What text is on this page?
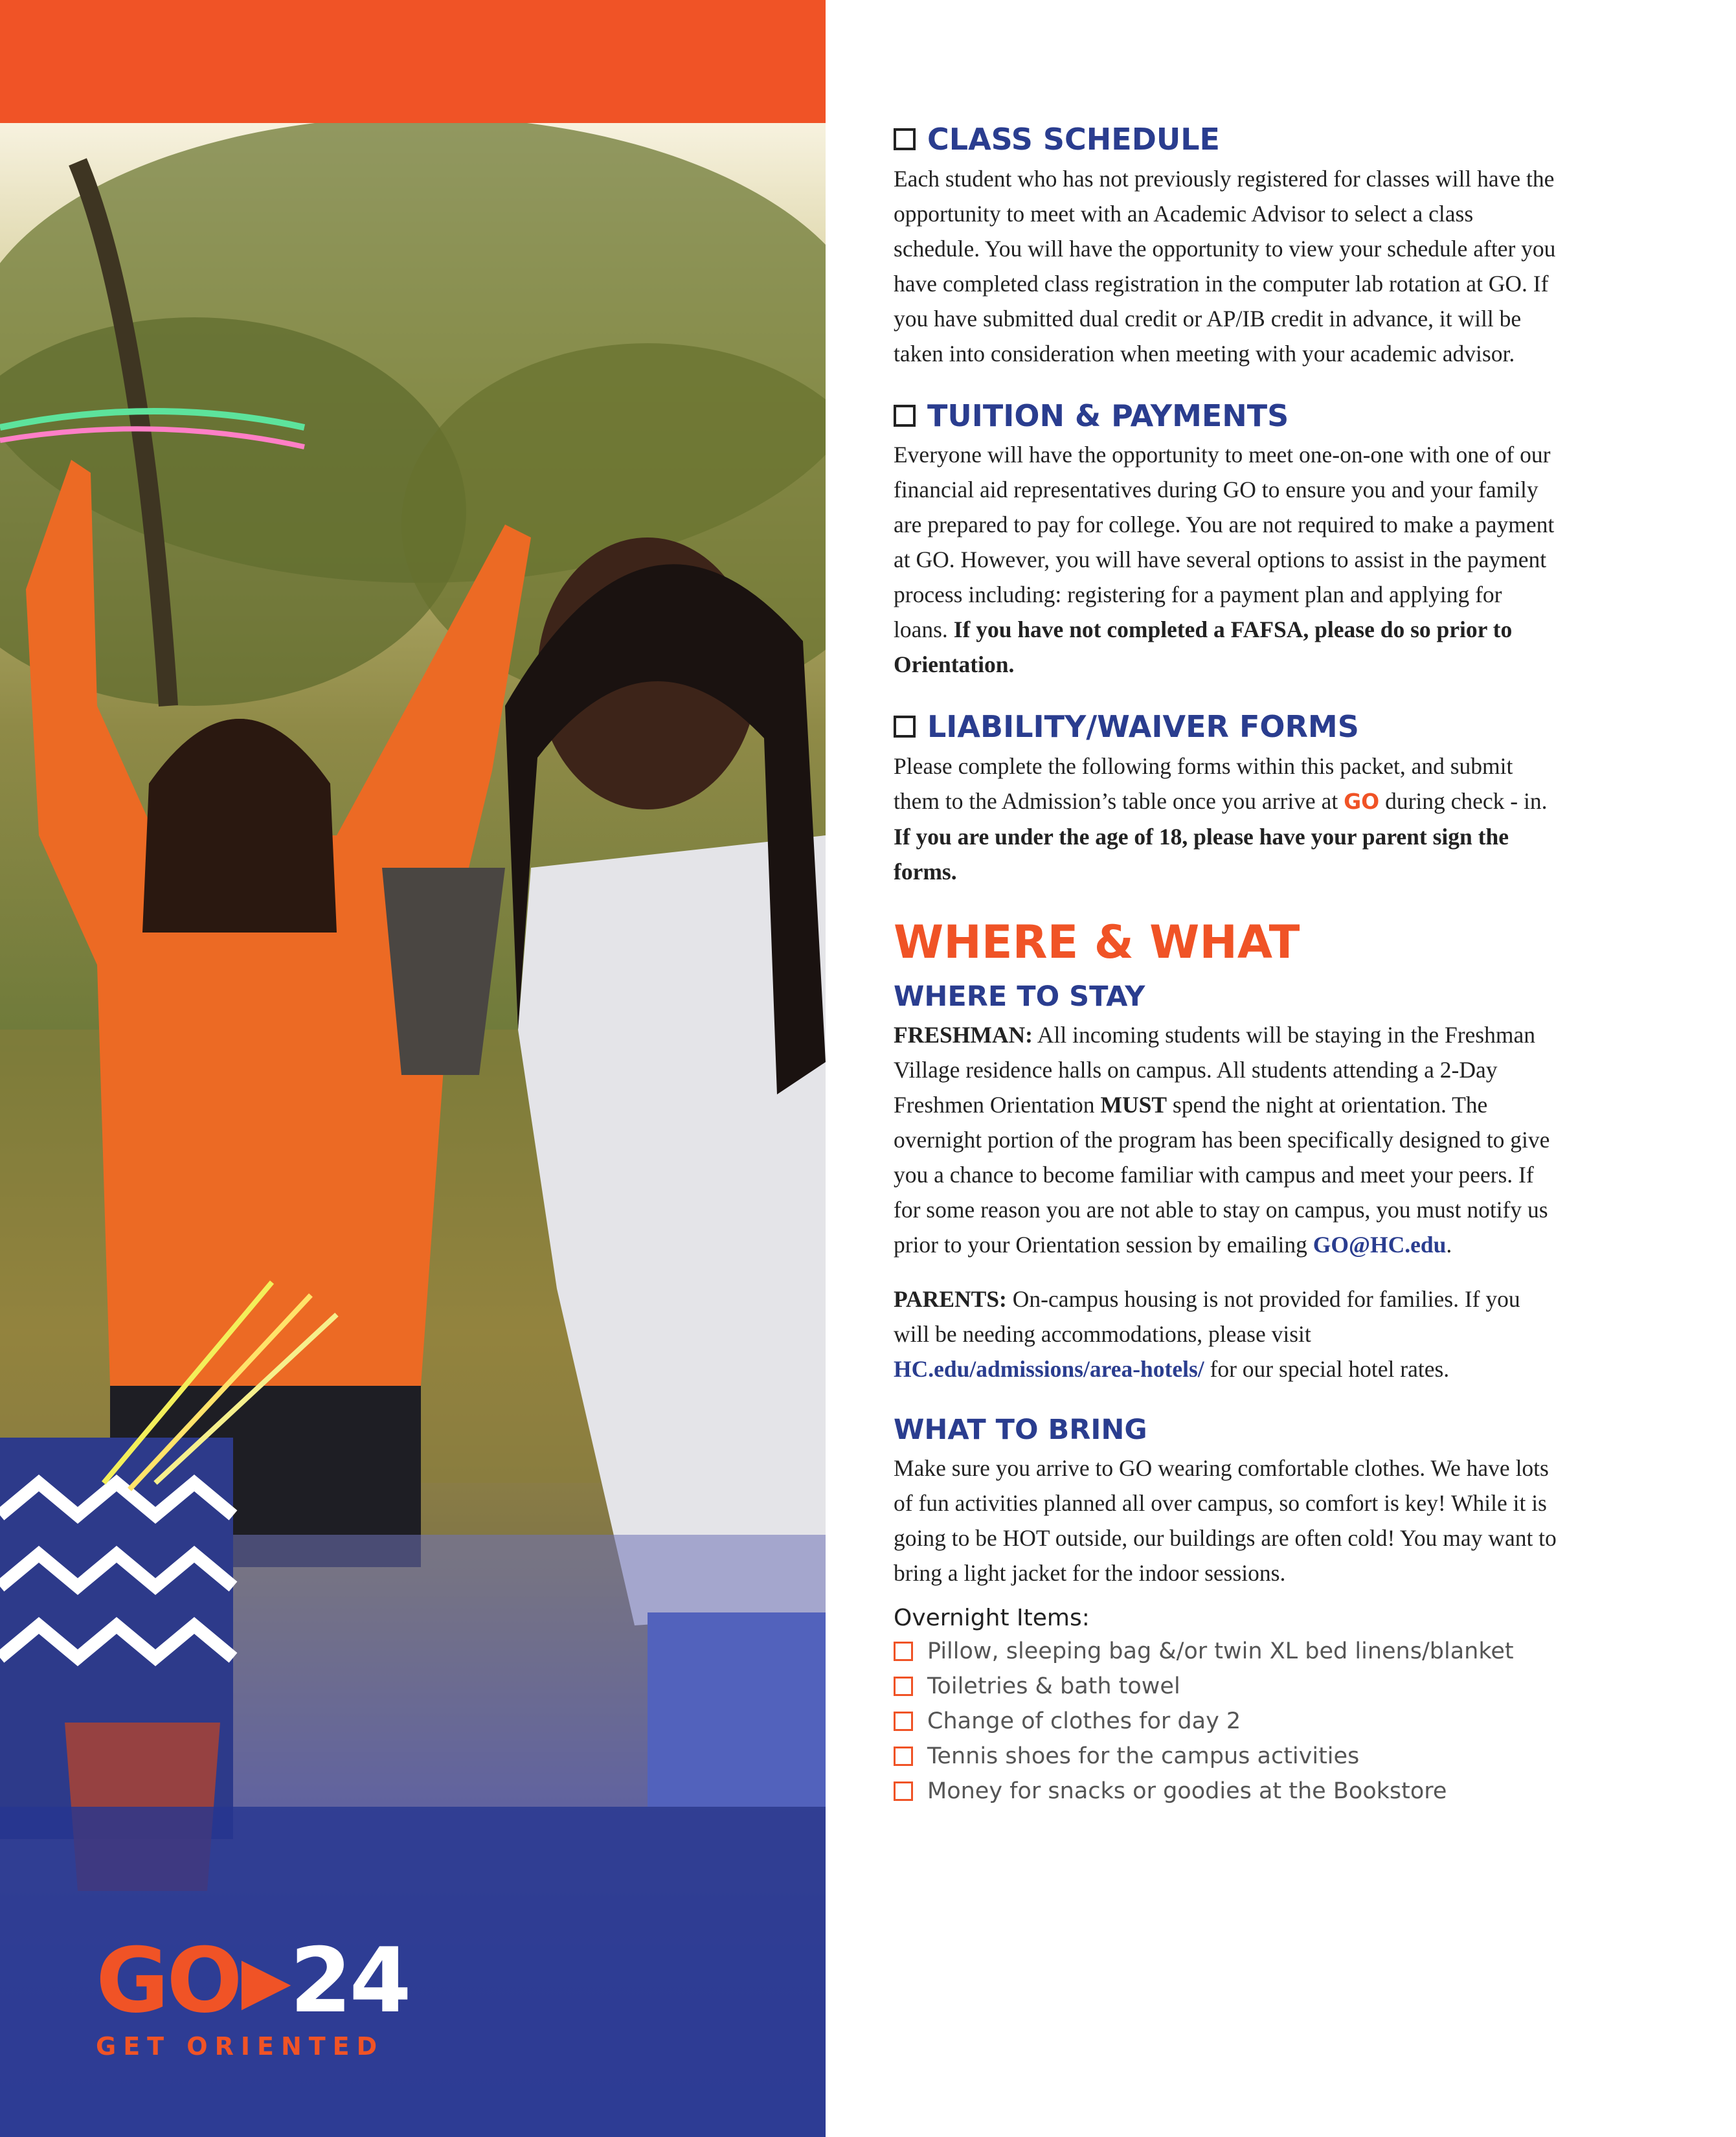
GO▶24
GET ORIENTED
CLASS SCHEDULE
Each student who has not previously registered for classes will have the opportunity to meet with an Academic Advisor to select a class schedule. You will have the opportunity to view your schedule after you have completed class registration in the computer lab rotation at GO. If you have submitted dual credit or AP/IB credit in advance, it will be taken into consideration when meeting with your academic advisor.
TUITION & PAYMENTS
Everyone will have the opportunity to meet one-on-one with one of our financial aid representatives during GO to ensure you and your family are prepared to pay for college. You are not required to make a payment at GO. However, you will have several options to assist in the payment process including: registering for a payment plan and applying for loans. If you have not completed a FAFSA, please do so prior to Orientation.
LIABILITY/WAIVER FORMS
Please complete the following forms within this packet, and submit them to the Admission’s table once you arrive at GO during check - in. If you are under the age of 18, please have your parent sign the forms.
WHERE & WHAT
WHERE TO STAY
FRESHMAN: All incoming students will be staying in the Freshman Village residence halls on campus. All students attending a 2-Day Freshmen Orientation MUST spend the night at orientation. The overnight portion of the program has been specifically designed to give you a chance to become familiar with campus and meet your peers. If for some reason you are not able to stay on campus, you must notify us prior to your Orientation session by emailing GO@HC.edu.
PARENTS: On-campus housing is not provided for families. If you will be needing accommodations, please visit HC.edu/admissions/area-hotels/ for our special hotel rates.
WHAT TO BRING
Make sure you arrive to GO wearing comfortable clothes. We have lots of fun activities planned all over campus, so comfort is key! While it is going to be HOT outside, our buildings are often cold! You may want to bring a light jacket for the indoor sessions.
Overnight Items:
Pillow, sleeping bag &/or twin XL bed linens/blanket
Toiletries & bath towel
Change of clothes for day 2
Tennis shoes for the campus activities
Money for snacks or goodies at the Bookstore
